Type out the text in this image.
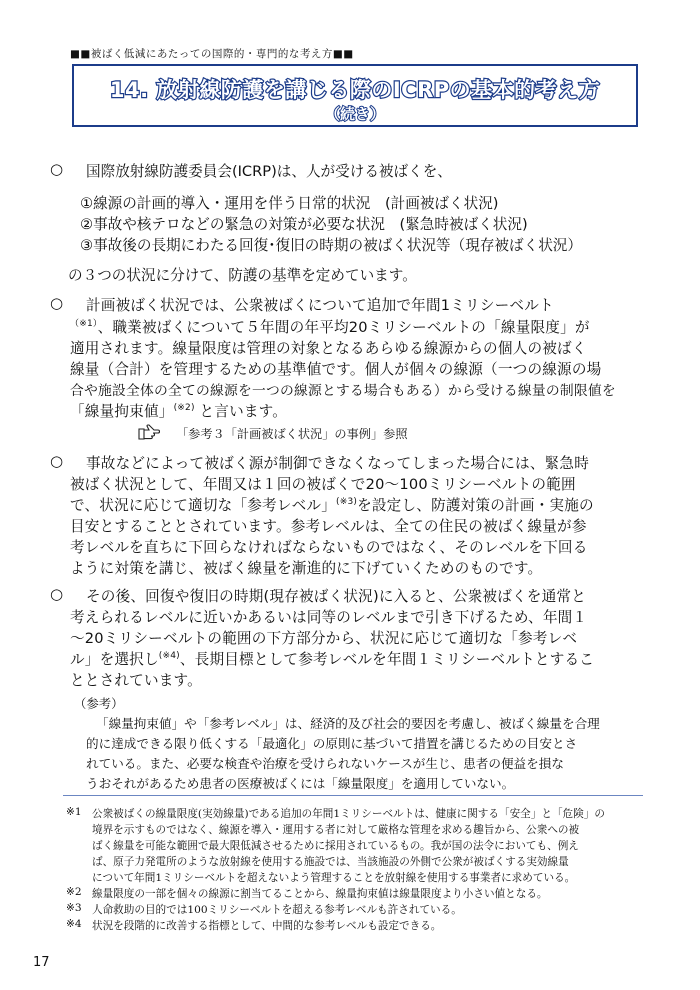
■■被ばく低減にあたっての国際的・専門的な考え方■■
14. 放射線防護を講じる際のICRPの基本的考え方
（続き）
○ 国際放射線防護委員会(ICRP)は、人が受ける被ばくを、
①線源の計画的導入・運用を伴う日常的状況　(計画被ばく状況)
②事故や核テロなどの緊急の対策が必要な状況　(緊急時被ばく状況)
③事故後の長期にわたる回復･復旧の時期の被ばく状況等（現存被ばく状況）
の３つの状況に分けて、防護の基準を定めています。
○ 計画被ばく状況では、公衆被ばくについて追加で年間1ミリシーベルト
$^{(※1)}$、職業被ばくについて５年間の年平均20ミリシーベルトの「線量限度」が
適用されます。線量限度は管理の対象となるあらゆる線源からの個人の被ばく
線量（合計）を管理するための基準値です。個人が個々の線源（一つの線源の場
合や施設全体の全ての線源を一つの線源とする場合もある）から受ける線量の制限値を
「線量拘束値」$^{(※2)}$ と言います。
「参考３「計画被ばく状況」の事例」参照
○ 事故などによって被ばく源が制御できなくなってしまった場合には、緊急時
被ばく状況として、年間又は１回の被ばくで20～100ミリシーベルトの範囲
で、状況に応じて適切な「参考レベル」$^{(※3)}$を設定し、防護対策の計画・実施の
目安とすることとされています。参考レベルは、全ての住民の被ばく線量が参
考レベルを直ちに下回らなければならないものではなく、そのレベルを下回る
ように対策を講じ、被ばく線量を漸進的に下げていくためのものです。
○ その後、回復や復旧の時期(現存被ばく状況)に入ると、公衆被ばくを通常と
考えられるレベルに近いかあるいは同等のレベルまで引き下げるため、年間１
～20ミリシーベルトの範囲の下方部分から、状況に応じて適切な「参考レベ
ル」を選択し$^{(※4)}$、長期目標として参考レベルを年間１ミリシーベルトとするこ
ととされています。
（参考）
「線量拘束値」や「参考レベル」は、経済的及び社会的要因を考慮し、被ばく線量を合理
的に達成できる限り低くする「最適化」の原則に基づいて措置を講じるための目安とさ
れている。また、必要な検査や治療を受けられないケースが生じ、患者の便益を損な
うおそれがあるため患者の医療被ばくには「線量限度」を適用していない。
※1 公衆被ばくの線量限度(実効線量)である追加の年間1ミリシーベルトは、健康に関する「安全」と「危険」の
境界を示すものではなく、線源を導入・運用する者に対して厳格な管理を求める趣旨から、公衆への被
ばく線量を可能な範囲で最大限低減させるために採用されているもの。我が国の法令においても、例え
ば、原子力発電所のような放射線を使用する施設では、当該施設の外側で公衆が被ばくする実効線量
について年間1ミリシーベルトを超えないよう管理することを放射線を使用する事業者に求めている。
※2 線量限度の一部を個々の線源に割当てることから、線量拘束値は線量限度より小さい値となる。
※3 人命救助の目的では100ミリシーベルトを超える参考レベルも許されている。
※4 状況を段階的に改善する指標として、中間的な参考レベルも設定できる。
17
